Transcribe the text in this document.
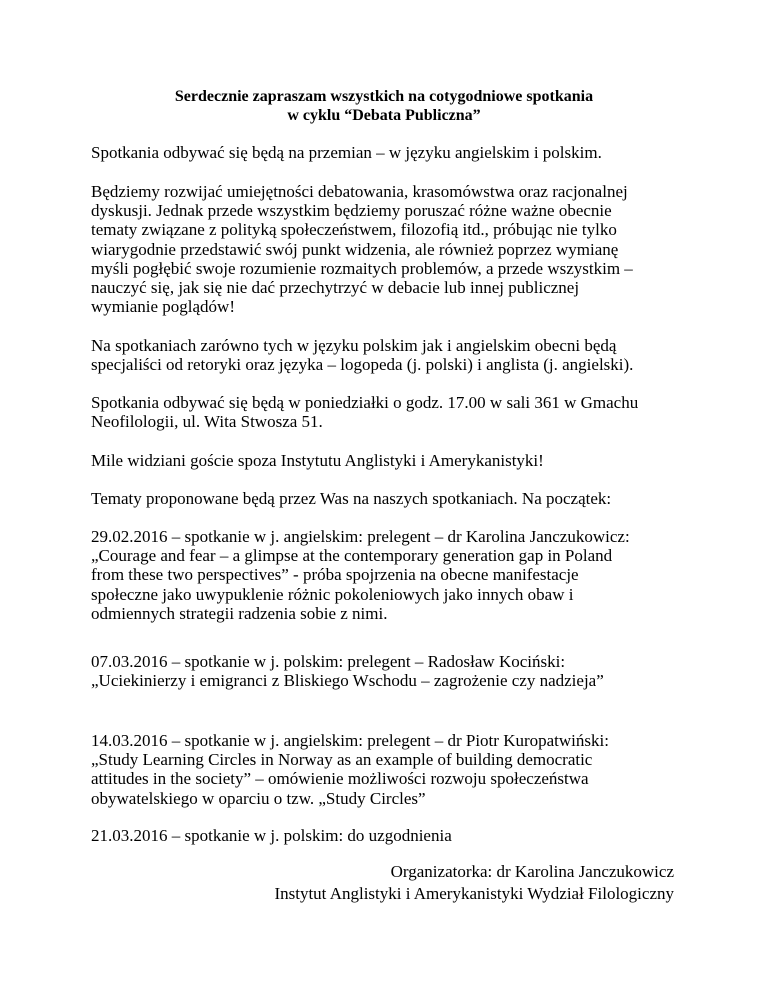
Serdecznie zapraszam wszystkich na cotygodniowe spotkania
w cyklu “Debata Publiczna”
Spotkania odbywać się będą na przemian – w języku angielskim i polskim.
Będziemy rozwijać umiejętności debatowania, krasomówstwa oraz racjonalnej
dyskusji. Jednak przede wszystkim będziemy poruszać różne ważne obecnie
tematy związane z polityką społeczeństwem, filozofią itd., próbując nie tylko
wiarygodnie przedstawić swój punkt widzenia, ale również poprzez wymianę
myśli pogłębić swoje rozumienie rozmaitych problemów, a przede wszystkim –
nauczyć się, jak się nie dać przechytrzyć w debacie lub innej publicznej
wymianie poglądów!
Na spotkaniach zarówno tych w języku polskim jak i angielskim obecni będą
specjaliści od retoryki oraz języka – logopeda (j. polski) i anglista (j. angielski).
Spotkania odbywać się będą w poniedziałki o godz. 17.00 w sali 361 w Gmachu
Neofilologii, ul. Wita Stwosza 51.
Mile widziani goście spoza Instytutu Anglistyki i Amerykanistyki!
Tematy proponowane będą przez Was na naszych spotkaniach. Na początek:
29.02.2016 – spotkanie w j. angielskim: prelegent – dr Karolina Janczukowicz:
„Courage and fear – a glimpse at the contemporary generation gap in Poland
from these two perspectives” - próba spojrzenia na obecne manifestacje
społeczne jako uwypuklenie różnic pokoleniowych jako innych obaw i
odmiennych strategii radzenia sobie z nimi.
07.03.2016 – spotkanie w j. polskim: prelegent – Radosław Kociński:
„Uciekinierzy i emigranci z Bliskiego Wschodu – zagrożenie czy nadzieja”
14.03.2016 – spotkanie w j. angielskim: prelegent – dr Piotr Kuropatwiński:
„Study Learning Circles in Norway as an example of building democratic
attitudes in the society” – omówienie możliwości rozwoju społeczeństwa
obywatelskiego w oparciu o tzw. „Study Circles”
21.03.2016 – spotkanie w j. polskim: do uzgodnienia
Organizatorka: dr Karolina Janczukowicz
Instytut Anglistyki i Amerykanistyki Wydział Filologiczny
